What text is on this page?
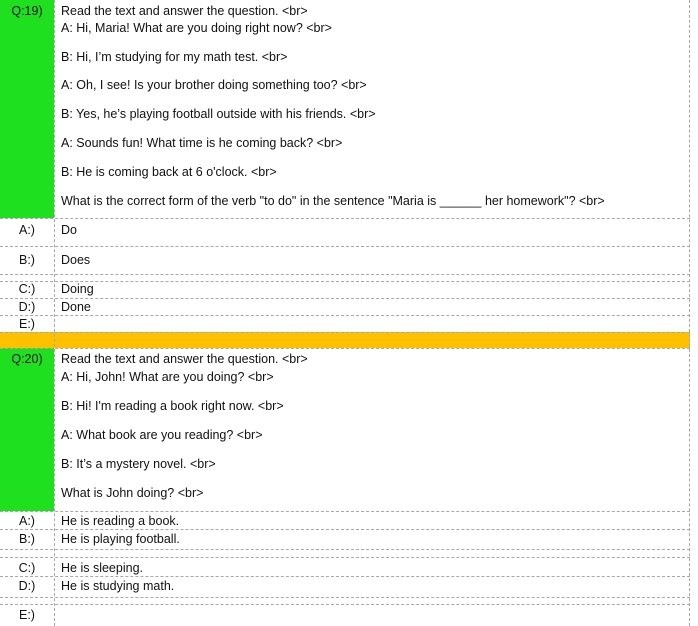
Q:19)	Read the text and answer the question. <br>
A: Hi, Maria! What are you doing right now? <br>
B: Hi, I’m studying for my math test. <br>
A: Oh, I see! Is your brother doing something too? <br>
B: Yes, he’s playing football outside with his friends. <br>
A: Sounds fun! What time is he coming back? <br>
B: He is coming back at 6 o'clock. <br>
What is the correct form of the verb "to do" in the sentence "Maria is ______ her homework"? <br>
A:)	Do
B:)	Does
C:)	Doing
D:)	Done
E:)
Q:20)	Read the text and answer the question. <br>
A: Hi, John! What are you doing? <br>
B: Hi! I'm reading a book right now. <br>
A: What book are you reading? <br>
B: It’s a mystery novel. <br>
What is John doing? <br>
A:)	He is reading a book.
B:)	He is playing football.
C:)	He is sleeping.
D:)	He is studying math.
E:)
